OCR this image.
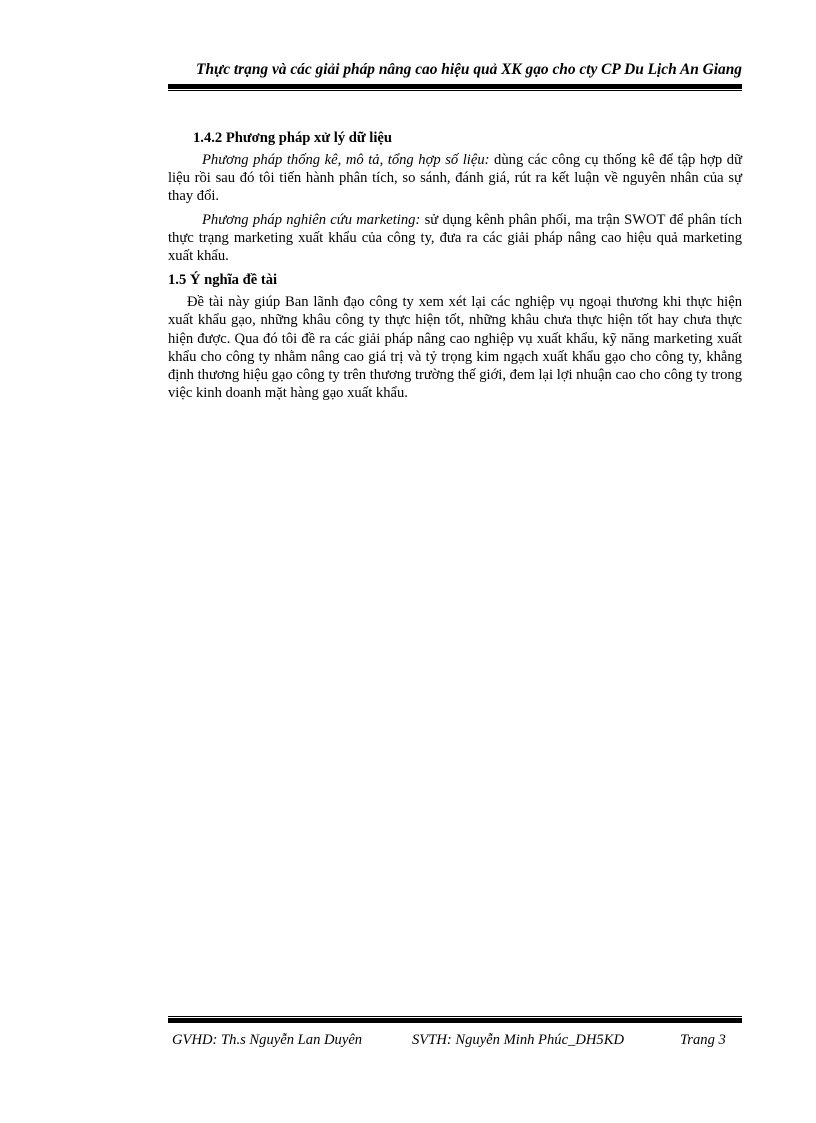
Thực trạng và các giải pháp nâng cao hiệu quả XK gạo cho cty CP Du Lịch An Giang

1.4.2 Phương pháp xử lý dữ liệu

Phương pháp thống kê, mô tả, tổng hợp số liệu: dùng các công cụ thống kê để tập hợp dữ liệu rồi sau đó tôi tiến hành phân tích, so sánh, đánh giá, rút ra kết luận về nguyên nhân của sự thay đổi.

Phương pháp nghiên cứu marketing: sử dụng kênh phân phối, ma trận SWOT để phân tích thực trạng marketing xuất khẩu của công ty, đưa ra các giải pháp nâng cao hiệu quả marketing xuất khẩu.

1.5 Ý nghĩa đề tài

Đề tài này giúp Ban lãnh đạo công ty xem xét lại các nghiệp vụ ngoại thương khi thực hiện xuất khẩu gạo, những khâu công ty thực hiện tốt, những khâu chưa thực hiện tốt hay chưa thực hiện được. Qua đó tôi đề ra các giải pháp nâng cao nghiệp vụ xuất khẩu, kỹ năng marketing xuất khẩu cho công ty nhằm nâng cao giá trị và tỷ trọng kim ngạch xuất khẩu gạo cho công ty, khẳng định thương hiệu gạo công ty trên thương trường thế giới, đem lại lợi nhuận cao cho công ty trong việc kinh doanh mặt hàng gạo xuất khẩu.

GVHD: Th.s Nguyễn Lan Duyên	SVTH: Nguyễn Minh Phúc_DH5KD	Trang 3
